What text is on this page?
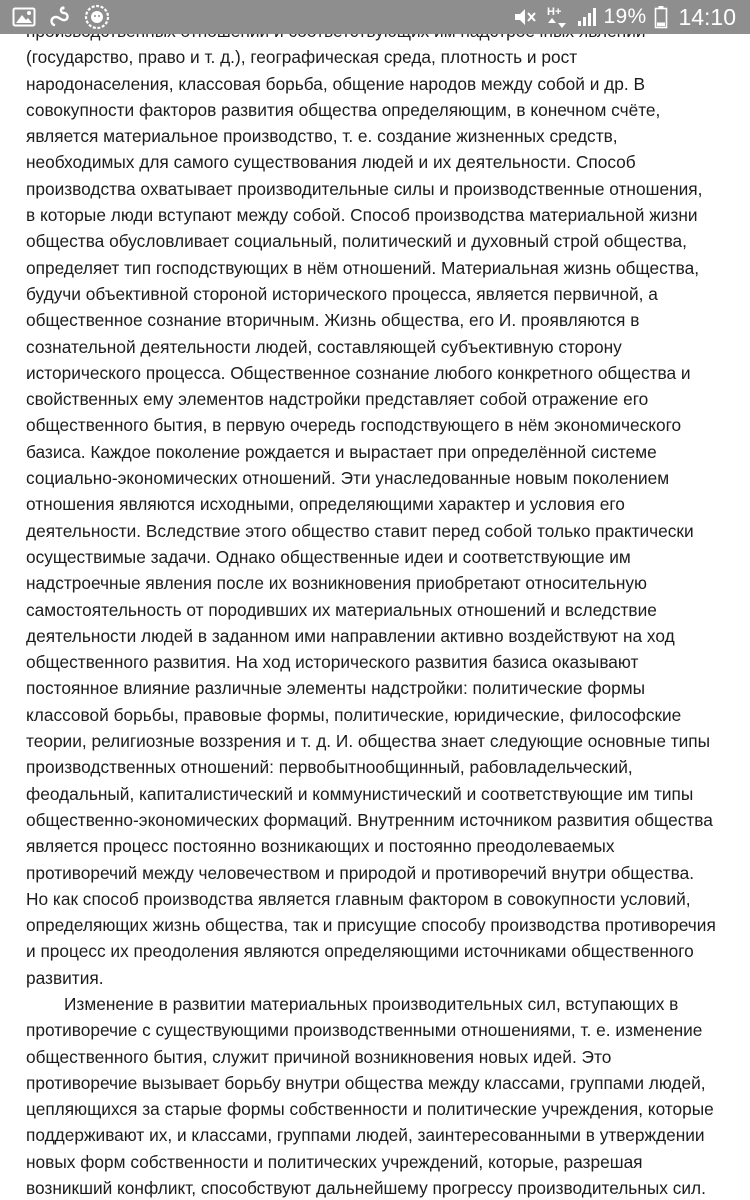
H+ 19% 14:10
(государство, право и т. д.), географическая среда, плотность и рост
народонаселения, классовая борьба, общение народов между собой и др. В
совокупности факторов развития общества определяющим, в конечном счёте,
является материальное производство, т. е. создание жизненных средств,
необходимых для самого существования людей и их деятельности. Способ
производства охватывает производительные силы и производственные отношения,
в которые люди вступают между собой. Способ производства материальной жизни
общества обусловливает социальный, политический и духовный строй общества,
определяет тип господствующих в нём отношений. Материальная жизнь общества,
будучи объективной стороной исторического процесса, является первичной, а
общественное сознание вторичным. Жизнь общества, его И. проявляются в
сознательной деятельности людей, составляющей субъективную сторону
исторического процесса. Общественное сознание любого конкретного общества и
свойственных ему элементов надстройки представляет собой отражение его
общественного бытия, в первую очередь господствующего в нём экономического
базиса. Каждое поколение рождается и вырастает при определённой системе
социально-экономических отношений. Эти унаследованные новым поколением
отношения являются исходными, определяющими характер и условия его
деятельности. Вследствие этого общество ставит перед собой только практически
осуществимые задачи. Однако общественные идеи и соответствующие им
надстроечные явления после их возникновения приобретают относительную
самостоятельность от породивших их материальных отношений и вследствие
деятельности людей в заданном ими направлении активно воздействуют на ход
общественного развития. На ход исторического развития базиса оказывают
постоянное влияние различные элементы надстройки: политические формы
классовой борьбы, правовые формы, политические, юридические, философские
теории, религиозные воззрения и т. д. И. общества знает следующие основные типы
производственных отношений: первобытнообщинный, рабовладельческий,
феодальный, капиталистический и коммунистический и соответствующие им типы
общественно-экономических формаций. Внутренним источником развития общества
является процесс постоянно возникающих и постоянно преодолеваемых
противоречий между человечеством и природой и противоречий внутри общества.
Но как способ производства является главным фактором в совокупности условий,
определяющих жизнь общества, так и присущие способу производства противоречия
и процесс их преодоления являются определяющими источниками общественного
развития.
Изменение в развитии материальных производительных сил, вступающих в
противоречие с существующими производственными отношениями, т. е. изменение
общественного бытия, служит причиной возникновения новых идей. Это
противоречие вызывает борьбу внутри общества между классами, группами людей,
цепляющихся за старые формы собственности и политические учреждения, которые
поддерживают их, и классами, группами людей, заинтересованными в утверждении
новых форм собственности и политических учреждений, которые, разрешая
возникший конфликт, способствуют дальнейшему прогрессу производительных сил.
